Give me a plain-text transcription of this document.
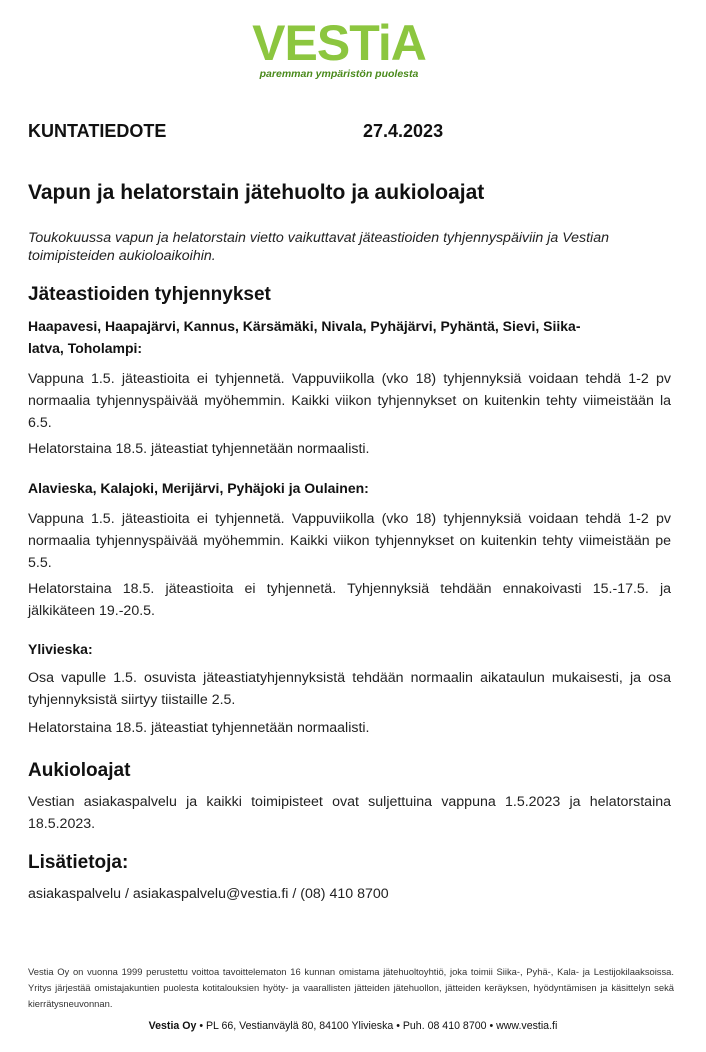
VESTiA
paremman ympäristön puolesta
KUNTATIEDOTE	27.4.2023
Vapun ja helatorstain jätehuolto ja aukioloajat
Toukokuussa vapun ja helatorstain vietto vaikuttavat jäteastioiden tyhjennyspäiviin ja Vestian toimipisteiden aukioloaikoihin.
Jäteastioiden tyhjennykset
Haapavesi, Haapajärvi, Kannus, Kärsämäki, Nivala, Pyhäjärvi, Pyhäntä, Sievi, Siika-
latva, Toholampi:
Vappuna 1.5. jäteastioita ei tyhjennetä. Vappuviikolla (vko 18) tyhjennyksiä voidaan tehdä 1-2 pv normaalia tyhjennyspäivää myöhemmin. Kaikki viikon tyhjennykset on kuitenkin tehty viimeistään la 6.5.
Helatorstaina 18.5. jäteastiat tyhjennetään normaalisti.
Alavieska, Kalajoki, Merijärvi, Pyhäjoki ja Oulainen:
Vappuna 1.5. jäteastioita ei tyhjennetä. Vappuviikolla (vko 18) tyhjennyksiä voidaan tehdä 1-2 pv normaalia tyhjennyspäivää myöhemmin. Kaikki viikon tyhjennykset on kuitenkin tehty viimeistään pe 5.5.
Helatorstaina 18.5. jäteastioita ei tyhjennetä. Tyhjennyksiä tehdään ennakoivasti 15.-17.5. ja jälkikäteen 19.-20.5.
Ylivieska:
Osa vapulle 1.5. osuvista jäteastiatyhjennyksistä tehdään normaalin aikataulun mukaisesti, ja osa tyhjennyksistä siirtyy tiistaille 2.5.
Helatorstaina 18.5. jäteastiat tyhjennetään normaalisti.
Aukioloajat
Vestian asiakaspalvelu ja kaikki toimipisteet ovat suljettuina vappuna 1.5.2023 ja helatorstaina 18.5.2023.
Lisätietoja:
asiakaspalvelu / asiakaspalvelu@vestia.fi / (08) 410 8700
Vestia Oy on vuonna 1999 perustettu voittoa tavoittelematon 16 kunnan omistama jätehuoltoyhtiö, joka toimii Siika-, Pyhä-, Kala- ja Lestijokilaaksoissa. Yritys järjestää omistajakuntien puolesta kotitalouksien hyöty- ja vaarallisten jätteiden jätehuollon, jätteiden keräyksen, hyödyntämisen ja käsittelyn sekä kierrätysneuvonnan.
Vestia Oy • PL 66, Vestianväylä 80, 84100 Ylivieska • Puh. 08 410 8700 • www.vestia.fi
